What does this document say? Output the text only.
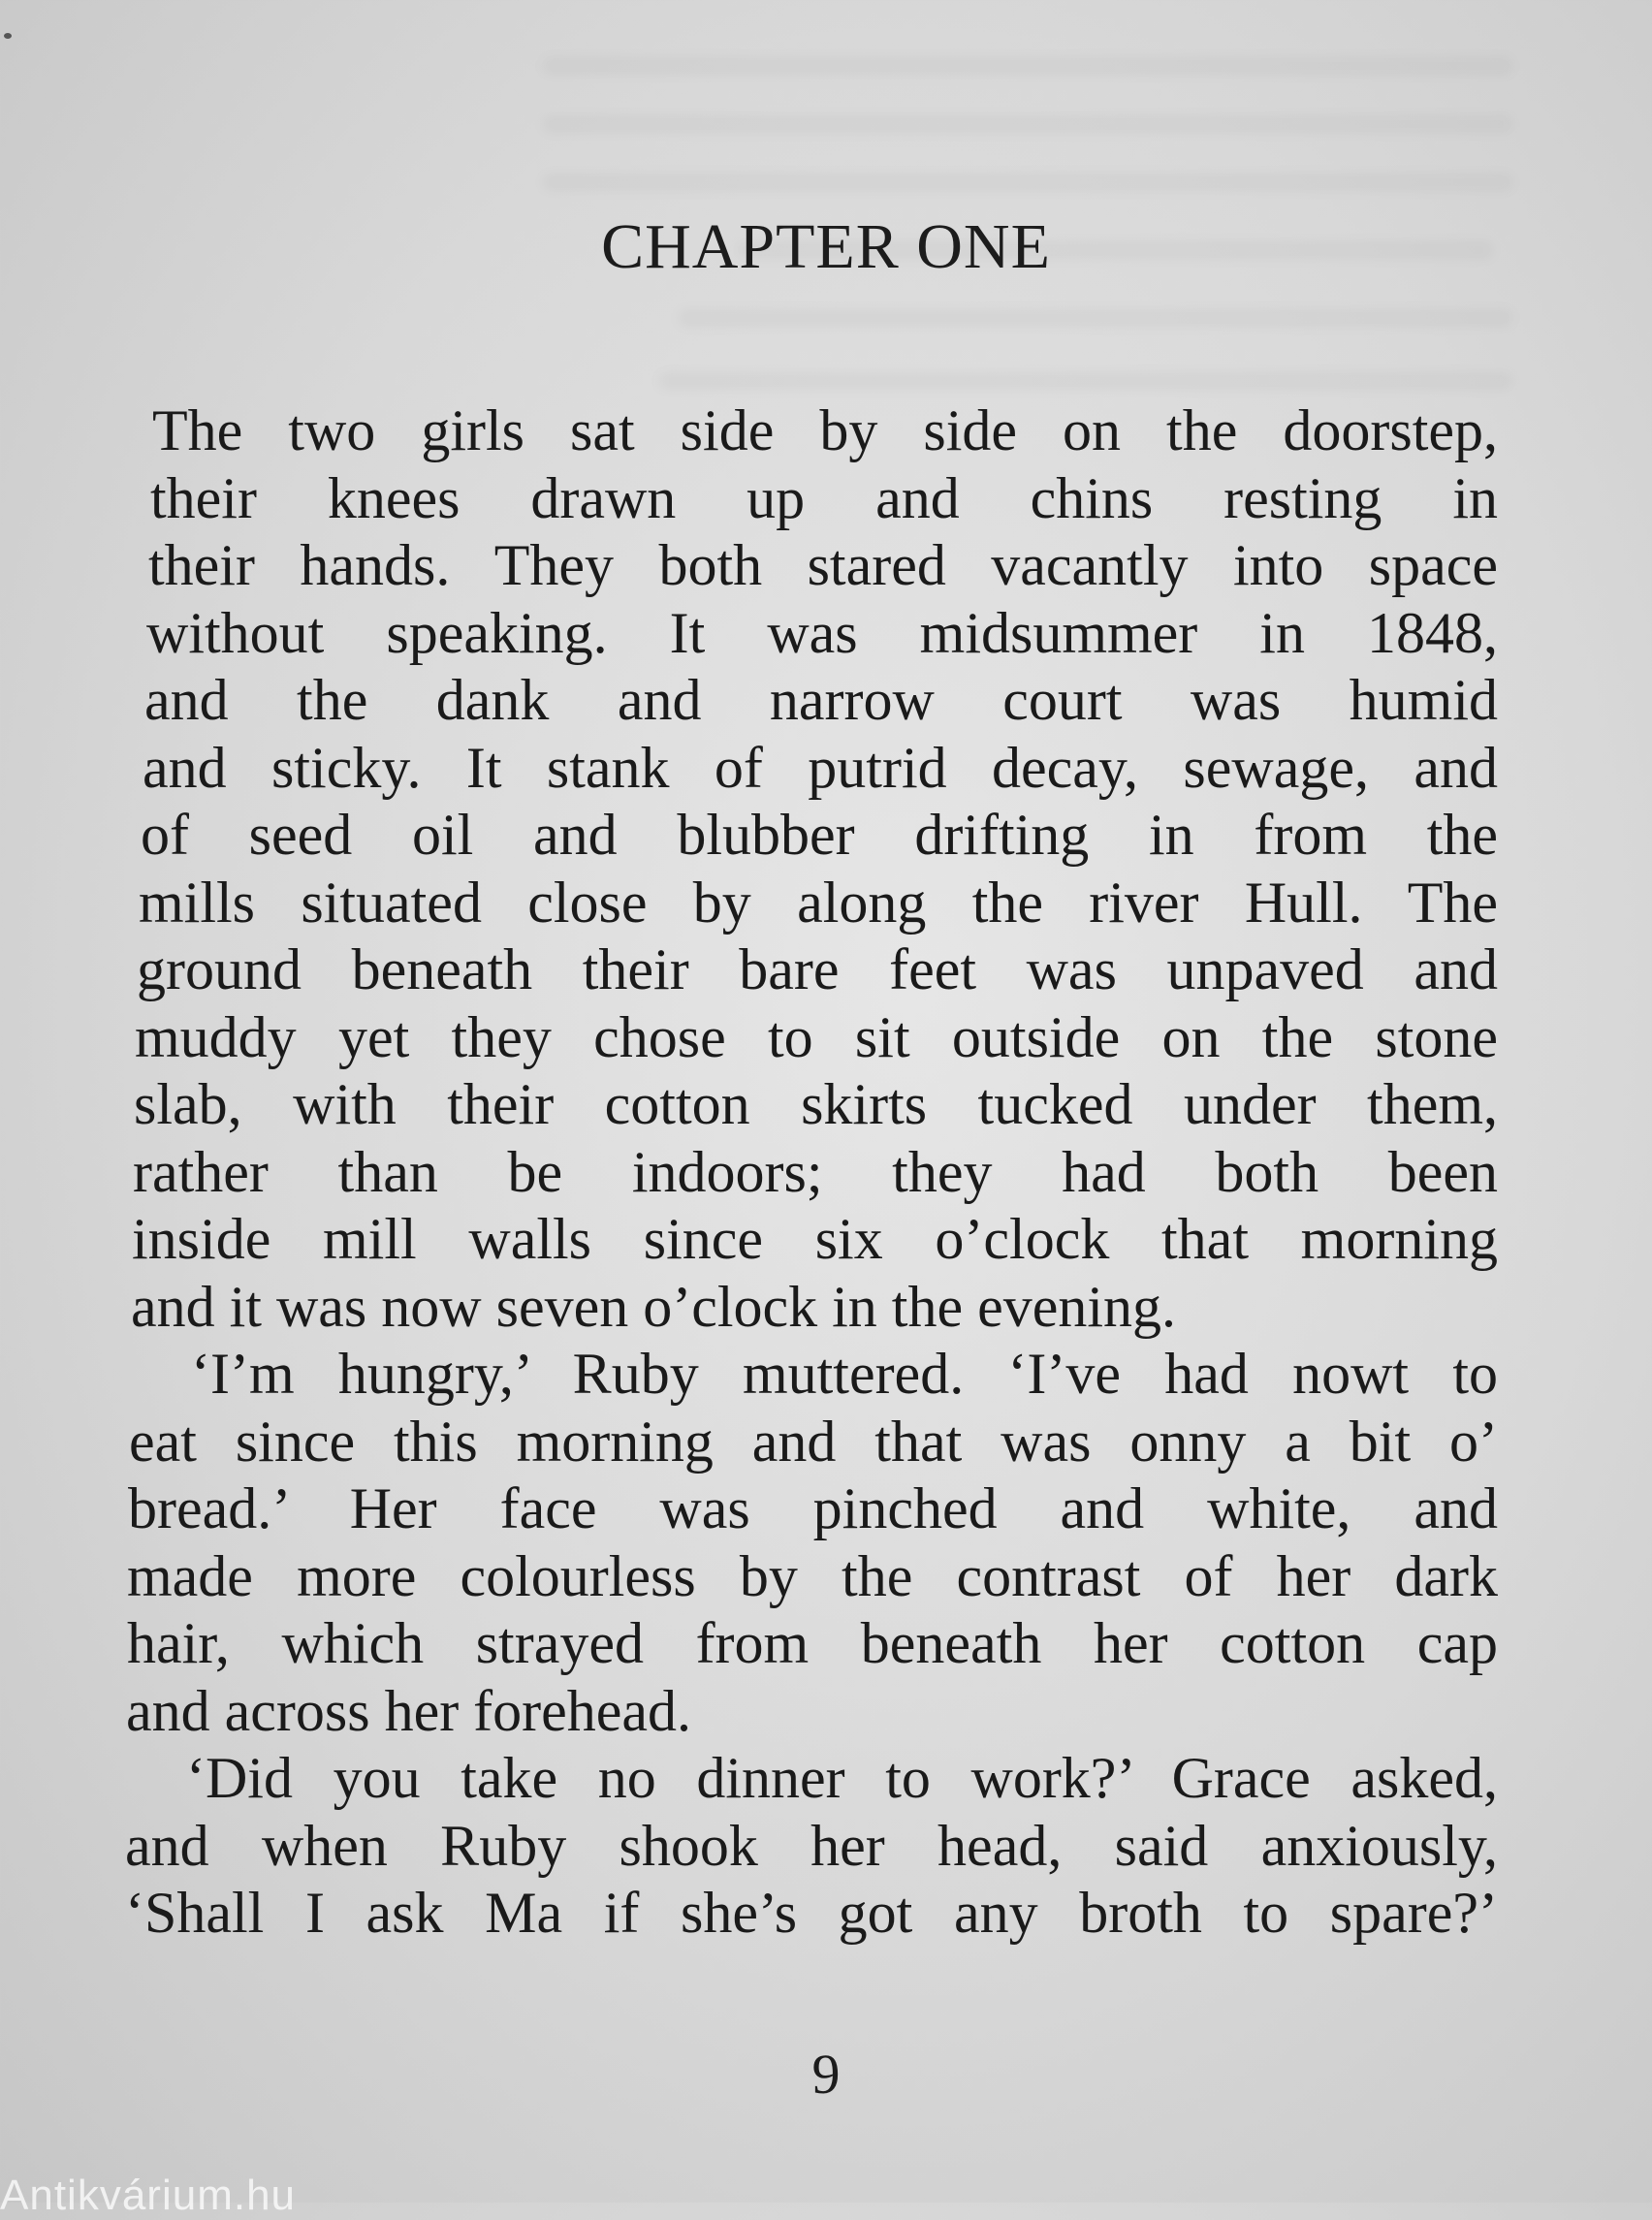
CHAPTER ONE
The two girls sat side by side on the doorstep,
their knees drawn up and chins resting in
their hands. They both stared vacantly into space
without speaking. It was midsummer in 1848,
and the dank and narrow court was humid
and sticky. It stank of putrid decay, sewage, and
of seed oil and blubber drifting in from the
mills situated close by along the river Hull. The
ground beneath their bare feet was unpaved and
muddy yet they chose to sit outside on the stone
slab, with their cotton skirts tucked under them,
rather than be indoors; they had both been
inside mill walls since six o’clock that morning
and it was now seven o’clock in the evening.
‘I’m hungry,’ Ruby muttered. ‘I’ve had nowt to
eat since this morning and that was onny a bit o’
bread.’ Her face was pinched and white, and
made more colourless by the contrast of her dark
hair, which strayed from beneath her cotton cap
and across her forehead.
‘Did you take no dinner to work?’ Grace asked,
and when Ruby shook her head, said anxiously,
‘Shall I ask Ma if she’s got any broth to spare?’
9
Antikvárium.hu
